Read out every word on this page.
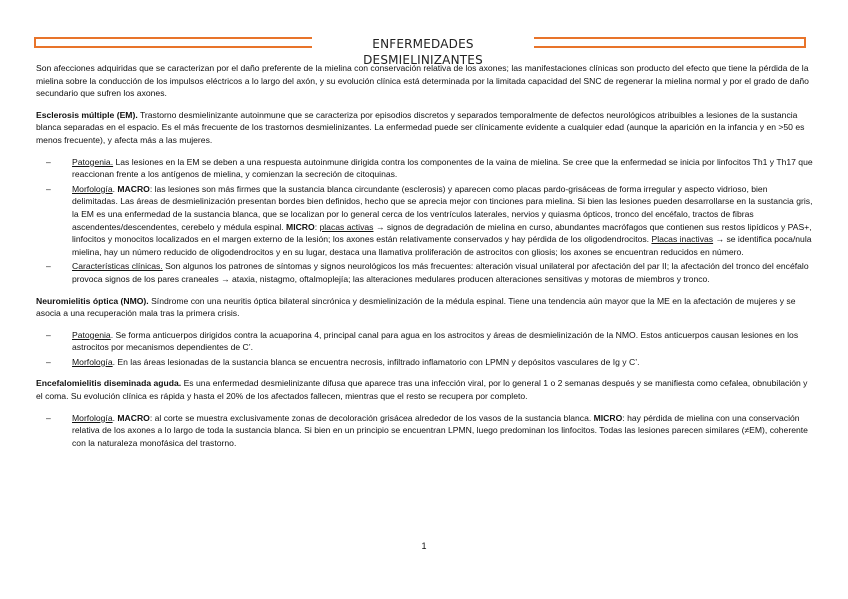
ENFERMEDADES DESMIELINIZANTES

Son afecciones adquiridas que se caracterizan por el daño preferente de la mielina con conservación relativa de los axones; las manifestaciones clínicas son producto del efecto que tiene la pérdida de la mielina sobre la conducción de los impulsos eléctricos a lo largo del axón, y su evolución clínica está determinada por la limitada capacidad del SNC de regenerar la mielina normal y por el grado de daño secundario que sufren los axones.

Esclerosis múltiple (EM). Trastorno desmielinizante autoinmune que se caracteriza por episodios discretos y separados temporalmente de defectos neurológicos atribuibles a lesiones de la sustancia blanca separadas en el espacio. Es el más frecuente de los trastornos desmielinizantes. La enfermedad puede ser clínicamente evidente a cualquier edad (aunque la aparición en la infancia y en >50 es menos frecuente), y afecta más a las mujeres.

– Patogenia. Las lesiones en la EM se deben a una respuesta autoinmune dirigida contra los componentes de la vaina de mielina. Se cree que la enfermedad se inicia por linfocitos Th1 y Th17 que reaccionan frente a los antígenos de mielina, y comienzan la secreción de citoquinas.
– Morfología. MACRO: las lesiones son más firmes que la sustancia blanca circundante (esclerosis) y aparecen como placas pardo-grisáceas de forma irregular y aspecto vidrioso, bien delimitadas. Las áreas de desmielinización presentan bordes bien definidos, hecho que se aprecia mejor con tinciones para mielina. Si bien las lesiones pueden desarrollarse en la sustancia gris, la EM es una enfermedad de la sustancia blanca, que se localizan por lo general cerca de los ventrículos laterales, nervios y quiasma ópticos, tronco del encéfalo, tractos de fibras ascendentes/descendentes, cerebelo y médula espinal. MICRO: placas activas → signos de degradación de mielina en curso, abundantes macrófagos que contienen sus restos lipídicos y PAS+, linfocitos y monocitos localizados en el margen externo de la lesión; los axones están relativamente conservados y hay pérdida de los oligodendrocitos. Placas inactivas → se identifica poca/nula mielina, hay un número reducido de oligodendrocitos y en su lugar, destaca una llamativa proliferación de astrocitos con gliosis; los axones se encuentran reducidos en número.
– Características clínicas. Son algunos los patrones de síntomas y signos neurológicos los más frecuentes: alteración visual unilateral por afectación del par II; la afectación del tronco del encéfalo provoca signos de los pares craneales → ataxia, nistagmo, oftalmoplejía; las alteraciones medulares producen alteraciones sensitivas y motoras de miembros y tronco.

Neuromielitis óptica (NMO). Síndrome con una neuritis óptica bilateral sincrónica y desmielinización de la médula espinal. Tiene una tendencia aún mayor que la ME en la afectación de mujeres y se asocia a una recuperación mala tras la primera crisis.

– Patogenia. Se forma anticuerpos dirigidos contra la acuaporina 4, principal canal para agua en los astrocitos y áreas de desmielinización de la NMO. Estos anticuerpos causan lesiones en los astrocitos por mecanismos dependientes de C’.
– Morfología. En las áreas lesionadas de la sustancia blanca se encuentra necrosis, infiltrado inflamatorio con LPMN y depósitos vasculares de Ig y C’.

Encefalomielitis diseminada aguda. Es una enfermedad desmielinizante difusa que aparece tras una infección viral, por lo general 1 o 2 semanas después y se manifiesta como cefalea, obnubilación y el coma. Su evolución clínica es rápida y hasta el 20% de los afectados fallecen, mientras que el resto se recupera por completo.

– Morfología. MACRO: al corte se muestra exclusivamente zonas de decoloración grisácea alrededor de los vasos de la sustancia blanca. MICRO: hay pérdida de mielina con una conservación relativa de los axones a lo largo de toda la sustancia blanca. Si bien en un principio se encuentran LPMN, luego predominan los linfocitos. Todas las lesiones parecen similares (≠EM), coherente con la naturaleza monofásica del trastorno.
1
